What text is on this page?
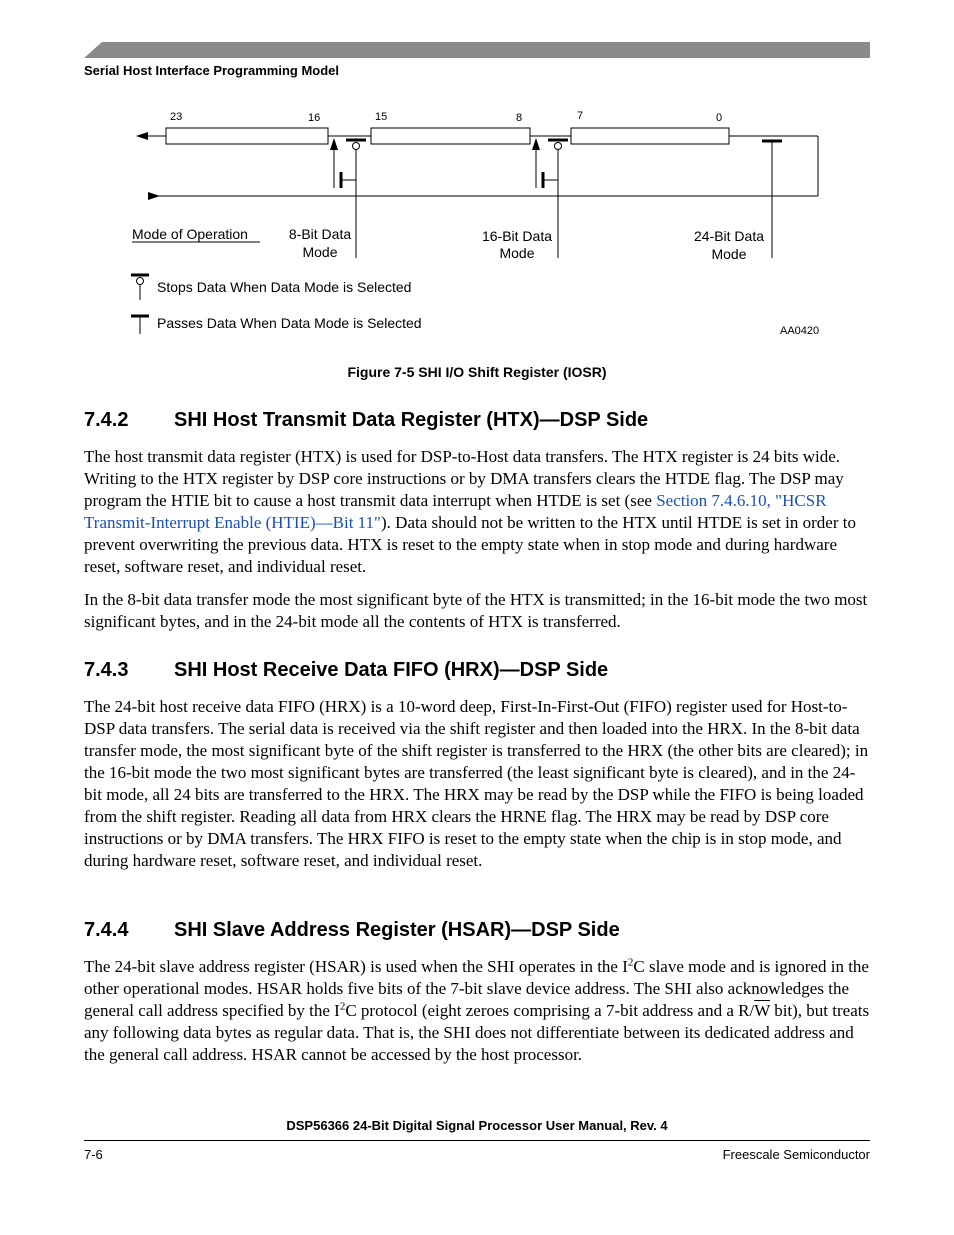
Serial Host Interface Programming Model
23	16	15	8	7	0
Mode of Operation	8-Bit Data
Mode
16-Bit Data
Mode
24-Bit Data
Mode
Stops Data When Data Mode is Selected
Passes Data When Data Mode is Selected	AA0420
Figure 7-5 SHI I/O Shift Register (IOSR)
7.4.2	SHI Host Transmit Data Register (HTX)—DSP Side

The host transmit data register (HTX) is used for DSP-to-Host data transfers. The HTX register is 24 bits wide. Writing to the HTX register by DSP core instructions or by DMA transfers clears the HTDE flag. The DSP may program the HTIE bit to cause a host transmit data interrupt when HTDE is set (see Section 7.4.6.10, "HCSR Transmit-Interrupt Enable (HTIE)—Bit 11"). Data should not be written to the HTX until HTDE is set in order to prevent overwriting the previous data. HTX is reset to the empty state when in stop mode and during hardware reset, software reset, and individual reset.

In the 8-bit data transfer mode the most significant byte of the HTX is transmitted; in the 16-bit mode the two most significant bytes, and in the 24-bit mode all the contents of HTX is transferred.

7.4.3	SHI Host Receive Data FIFO (HRX)—DSP Side

The 24-bit host receive data FIFO (HRX) is a 10-word deep, First-In-First-Out (FIFO) register used for Host-to-DSP data transfers. The serial data is received via the shift register and then loaded into the HRX. In the 8-bit data transfer mode, the most significant byte of the shift register is transferred to the HRX (the other bits are cleared); in the 16-bit mode the two most significant bytes are transferred (the least significant byte is cleared), and in the 24-bit mode, all 24 bits are transferred to the HRX. The HRX may be read by the DSP while the FIFO is being loaded from the shift register. Reading all data from HRX clears the HRNE flag. The HRX may be read by DSP core instructions or by DMA transfers. The HRX FIFO is reset to the empty state when the chip is in stop mode, and during hardware reset, software reset, and individual reset.

7.4.4	SHI Slave Address Register (HSAR)—DSP Side

The 24-bit slave address register (HSAR) is used when the SHI operates in the $I^2C$ slave mode and is ignored in the other operational modes. HSAR holds five bits of the 7-bit slave device address. The SHI also acknowledges the general call address specified by the $I^2C$ protocol (eight zeroes comprising a 7-bit address and a $R/\overline{W}$ bit), but treats any following data bytes as regular data. That is, the SHI does not differentiate between its dedicated address and the general call address. HSAR cannot be accessed by the host processor.

DSP56366 24-Bit Digital Signal Processor User Manual, Rev. 4
7-6	Freescale Semiconductor
